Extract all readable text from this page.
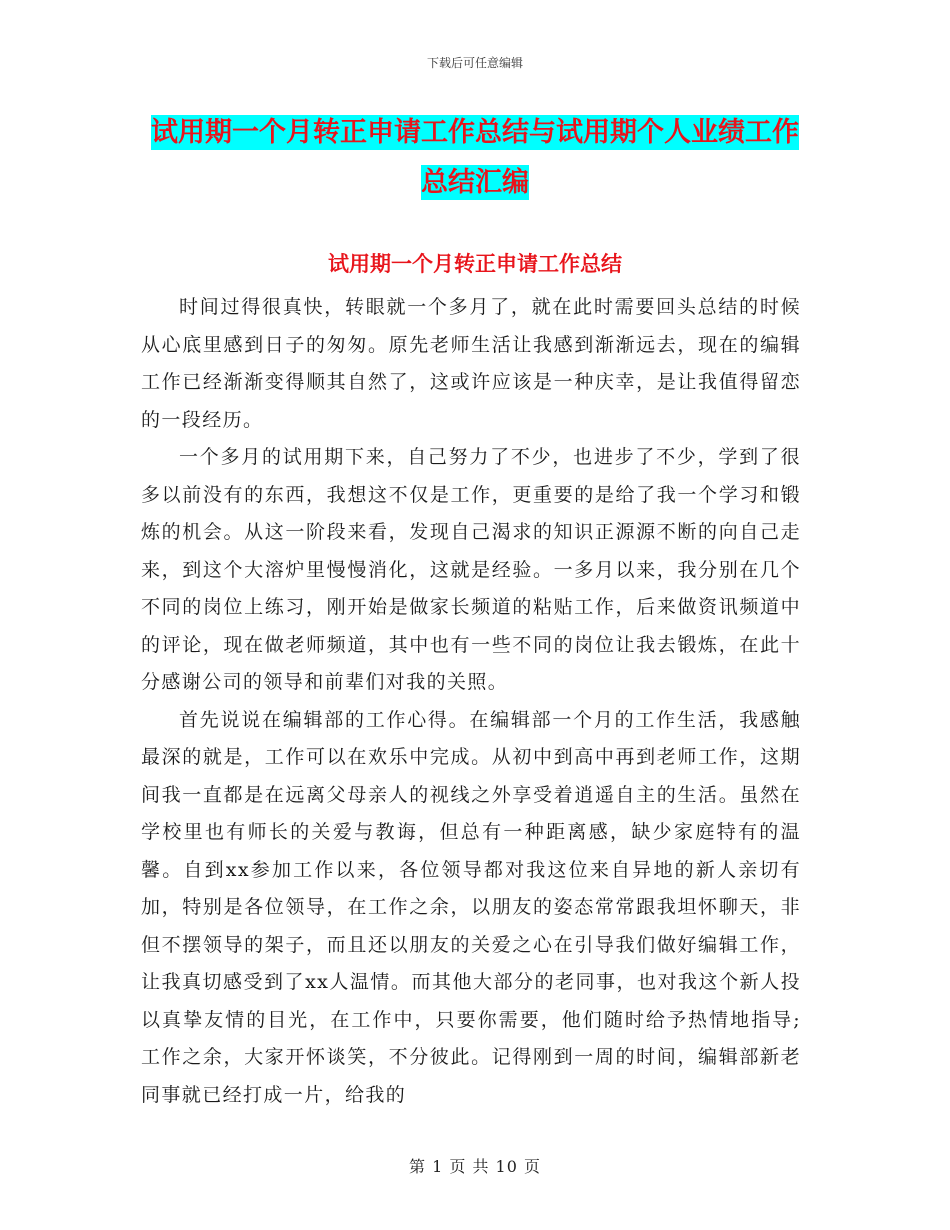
下载后可任意编辑
试用期一个月转正申请工作总结与试用期个人业绩工作总结汇编
试用期一个月转正申请工作总结

时间过得很真快，转眼就一个多月了，就在此时需要回头总结的时候从心底里感到日子的匆匆。原先老师生活让我感到渐渐远去，现在的编辑工作已经渐渐变得顺其自然了，这或许应该是一种庆幸，是让我值得留恋的一段经历。

一个多月的试用期下来，自己努力了不少，也进步了不少，学到了很多以前没有的东西，我想这不仅是工作，更重要的是给了我一个学习和锻炼的机会。从这一阶段来看，发现自己渴求的知识正源源不断的向自己走来，到这个大溶炉里慢慢消化，这就是经验。一多月以来，我分别在几个不同的岗位上练习，刚开始是做家长频道的粘贴工作，后来做资讯频道中的评论，现在做老师频道，其中也有一些不同的岗位让我去锻炼，在此十分感谢公司的领导和前辈们对我的关照。

首先说说在编辑部的工作心得。在编辑部一个月的工作生活，我感触最深的就是，工作可以在欢乐中完成。从初中到高中再到老师工作，这期间我一直都是在远离父母亲人的视线之外享受着逍遥自主的生活。虽然在学校里也有师长的关爱与教诲，但总有一种距离感，缺少家庭特有的温馨。自到xx参加工作以来，各位领导都对我这位来自异地的新人亲切有加，特别是各位领导，在工作之余，以朋友的姿态常常跟我坦怀聊天，非但不摆领导的架子，而且还以朋友的关爱之心在引导我们做好编辑工作，让我真切感受到了xx人温情。而其他大部分的老同事，也对我这个新人投以真挚友情的目光，在工作中，只要你需要，他们随时给予热情地指导;工作之余，大家开怀谈笑，不分彼此。记得刚到一周的时间，编辑部新老同事就已经打成一片，给我的

第 1 页 共 10 页
